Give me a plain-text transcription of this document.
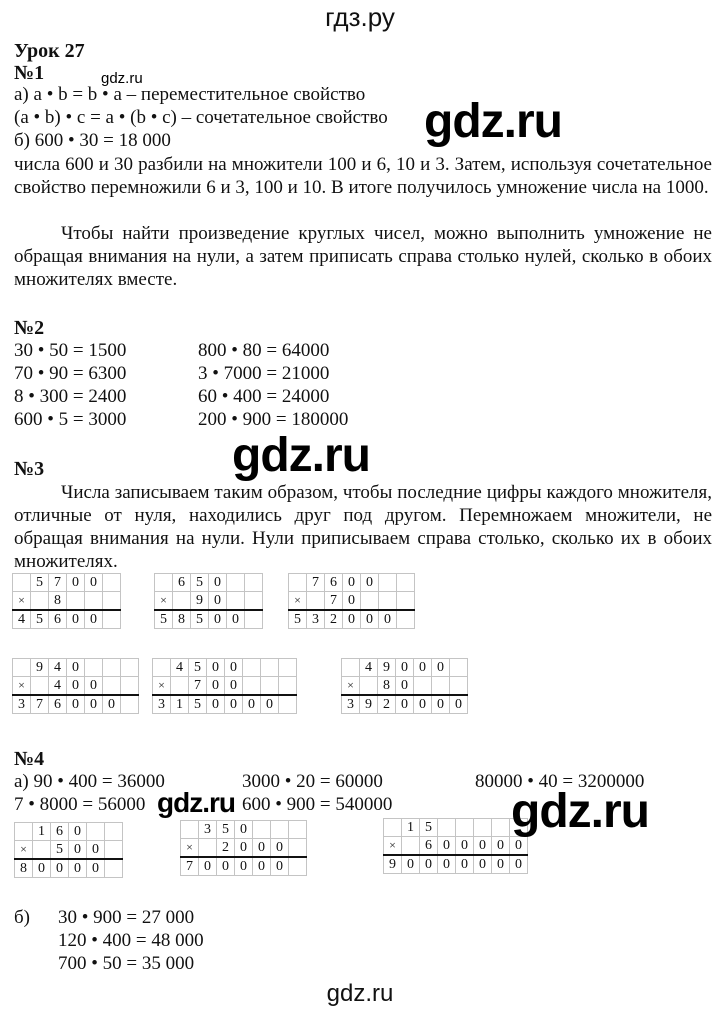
гдз.ру
Урок 27
№1
а) a • b = b • a – переместительное свойство
(a • b) • c = a • (b • c) – сочетательное свойство
б) 600 • 30 = 18 000
числа 600 и 30 разбили на множители 100 и 6, 10 и 3. Затем, используя сочетательное свойство перемножили 6 и 3, 100 и 10. В итоге получилось умножение числа на 1000.
Чтобы найти произведение круглых чисел, можно выполнить умножение не обращая внимания на нули, а затем приписать справа столько нулей, сколько в обоих множителях вместе.
№2
30 • 50 = 1500
70 • 90 = 6300
8 • 300 = 2400
600 • 5 = 3000
800 • 80 = 64000
3 • 7000 = 21000
60 • 400 = 24000
200 • 900 = 180000
№3
Числа записываем таким образом, чтобы последние цифры каждого множителя, отличные от нуля, находились друг под другом. Перемножаем множители, не обращая внимания на нули. Нули приписываем справа столько, сколько их в обоих множителях.
	5	7	0	0	
×		8			
4	5	6	0	0	
	6	5	0		
×		9	0		
5	8	5	0	0	
	7	6	0	0		
×		7	0			
5	3	2	0	0	0	
	9	4	0			
×		4	0	0		
3	7	6	0	0	0	
	4	5	0	0			
×		7	0	0			
3	1	5	0	0	0	0	
	4	9	0	0	0	
×		8	0			
3	9	2	0	0	0	0
№4
а) 90 • 400 = 36000	3000 • 20 = 60000	80000 • 40 = 3200000
7 • 8000 = 56000	600 • 900 = 540000
	1	6	0		
×		5	0	0	
8	0	0	0	0	
	3	5	0			
×		2	0	0	0	
7	0	0	0	0	0	
	1	5					
×		6	0	0	0	0	0
9	0	0	0	0	0	0	0
б) 30 • 900 = 27 000
120 • 400 = 48 000
700 • 50 = 35 000
gdz.ru
gdz.ru
gdz.ru
gdz.ru	gdz.ru
gdz.ru
